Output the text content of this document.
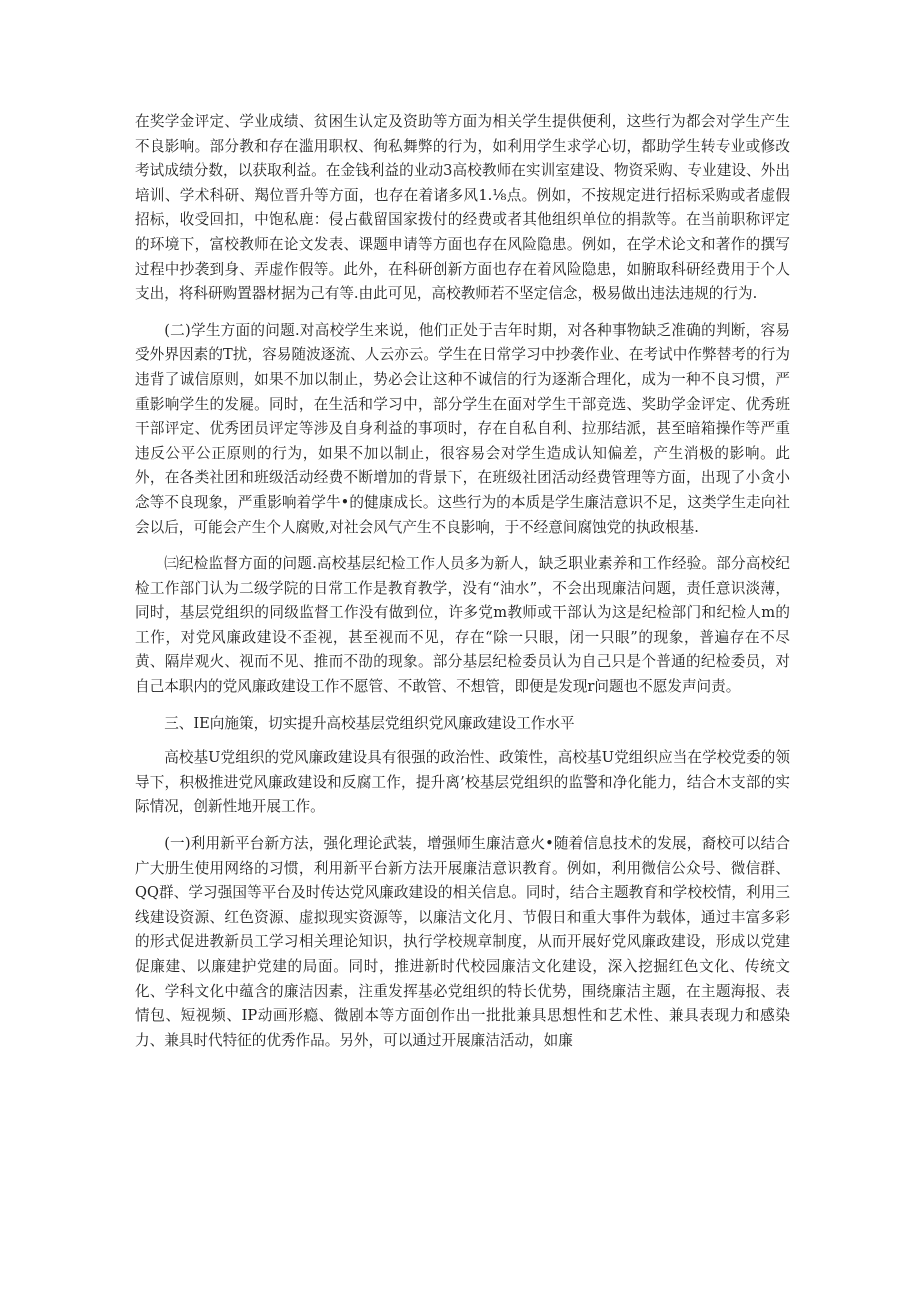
在奖学金评定、学业成绩、贫困生认定及资助等方面为相关学生提供便利，这些行为都会对学生产生不良影响。部分教和存在滥用职权、徇私舞弊的行为，如利用学生求学心切，都助学生转专业或修改考试成绩分数，以获取利益。在金钱利益的业动3高校教师在实训室建设、物资采购、专业建设、外出培训、学术科研、羯位晋升等方面，也存在着诸多风1.⅛点。例如，不按规定进行招标采购或者虚假招标，收受回扣，中饱私鹿：侵占截留国家拨付的经费或者其他组织单位的捐款等。在当前职称评定的环境下，富校教师在论文发表、课题申请等方面也存在风险隐患。例如，在学术论文和著作的撰写过程中抄袭到身、弄虚作假等。此外，在科研创新方面也存在着风险隐患，如腑取科研经费用于个人支出，将科研购置器材据为己有等.由此可见，高校教师若不坚定信念，极易做出违法违规的行为.

(二)学生方面的问题.对高校学生来说，他们正处于吉年时期，对各种事物缺乏准确的判断，容易受外界因素的T扰，容易随波逐流、人云亦云。学生在日常学习中抄袭作业、在考试中作弊替考的行为违背了诚信原则，如果不加以制止，势必会让这种不诚信的行为逐渐合理化，成为一种不良习惯，严重影响学生的发屣。同时，在生活和学习中，部分学生在面对学生干部竞选、奖助学金评定、优秀班干部评定、优秀团员评定等涉及自身利益的事项时，存在自私自利、拉那结派，甚至暗箱操作等严重违反公平公正原则的行为，如果不加以制止，很容易会对学生造成认知偏差，产生消极的影响。此外，在各类社团和班级活动经费不断增加的背景下，在班级社团活动经费管理等方面，出现了小贪小念等不良现象，严重影响着学牛•的健康成长。这些行为的本质是学生廉洁意识不足，这类学生走向社会以后，可能会产生个人腐败,对社会风气产生不良影响，于不经意间腐蚀党的执政根基.

㈢纪检监督方面的问题.高校基层纪检工作人员多为新人，缺乏职业素养和工作经验。部分高校纪检工作部门认为二级学院的日常工作是教育教学，没有“油水”，不会出现廉洁问题，责任意识淡薄，同时，基层党组织的同级监督工作没有做到位，许多党m教师或干部认为这是纪检部门和纪检人m的工作，对党风廉政建设不歪视，甚至视而不见，存在“除一只眼，闭一只眼”的现象，普遍存在不尽黄、隔岸观火、视而不见、推而不劭的现象。部分基层纪检委员认为自己只是个普通的纪检委员，对自己本职内的党风廉政建设工作不愿管、不敢管、不想管，即便是发现r问题也不愿发声问责。

三、IE向施策，切实提升高校基层党组织党风廉政建设工作水平

高校基U党组织的党风廉政建设具有很强的政治性、政策性，高校基U党组织应当在学校党委的领导下，积极推进党风廉政建设和反腐工作，提升离’校基层党组织的监警和净化能力，结合木支部的实际情况，创新性地开展工作。

(一)利用新平台新方法，强化理论武装，增强师生廉洁意火•随着信息技术的发展，裔校可以结合广大册生使用网络的习惯，利用新平台新方法开展廉洁意识教育。例如，利用微信公众号、微信群、QQ群、学习强国等平台及时传达党风廉政建设的相关信息。同时，结合主题教育和学校校情，利用三线建设资源、红色资源、虚拟现实资源等，以廉洁文化月、节假日和重大事件为载体，通过丰富多彩的形式促进教新员工学习相关理论知识，执行学校规章制度，从而开展好党风廉政建设，形成以党建促廉建、以廉建护党建的局面。同时，推进新时代校园廉洁文化建设，深入挖掘红色文化、传统文化、学科文化中蕴含的廉洁因素，注重发挥基必党组织的特长优势，围绕廉洁主题，在主题海报、表情包、短视频、IP动画形瘾、微剧本等方面创作出一批批兼具思想性和艺术性、兼具表现力和感染力、兼具时代特征的优秀作品。另外，可以通过开展廉洁活动，如廉
